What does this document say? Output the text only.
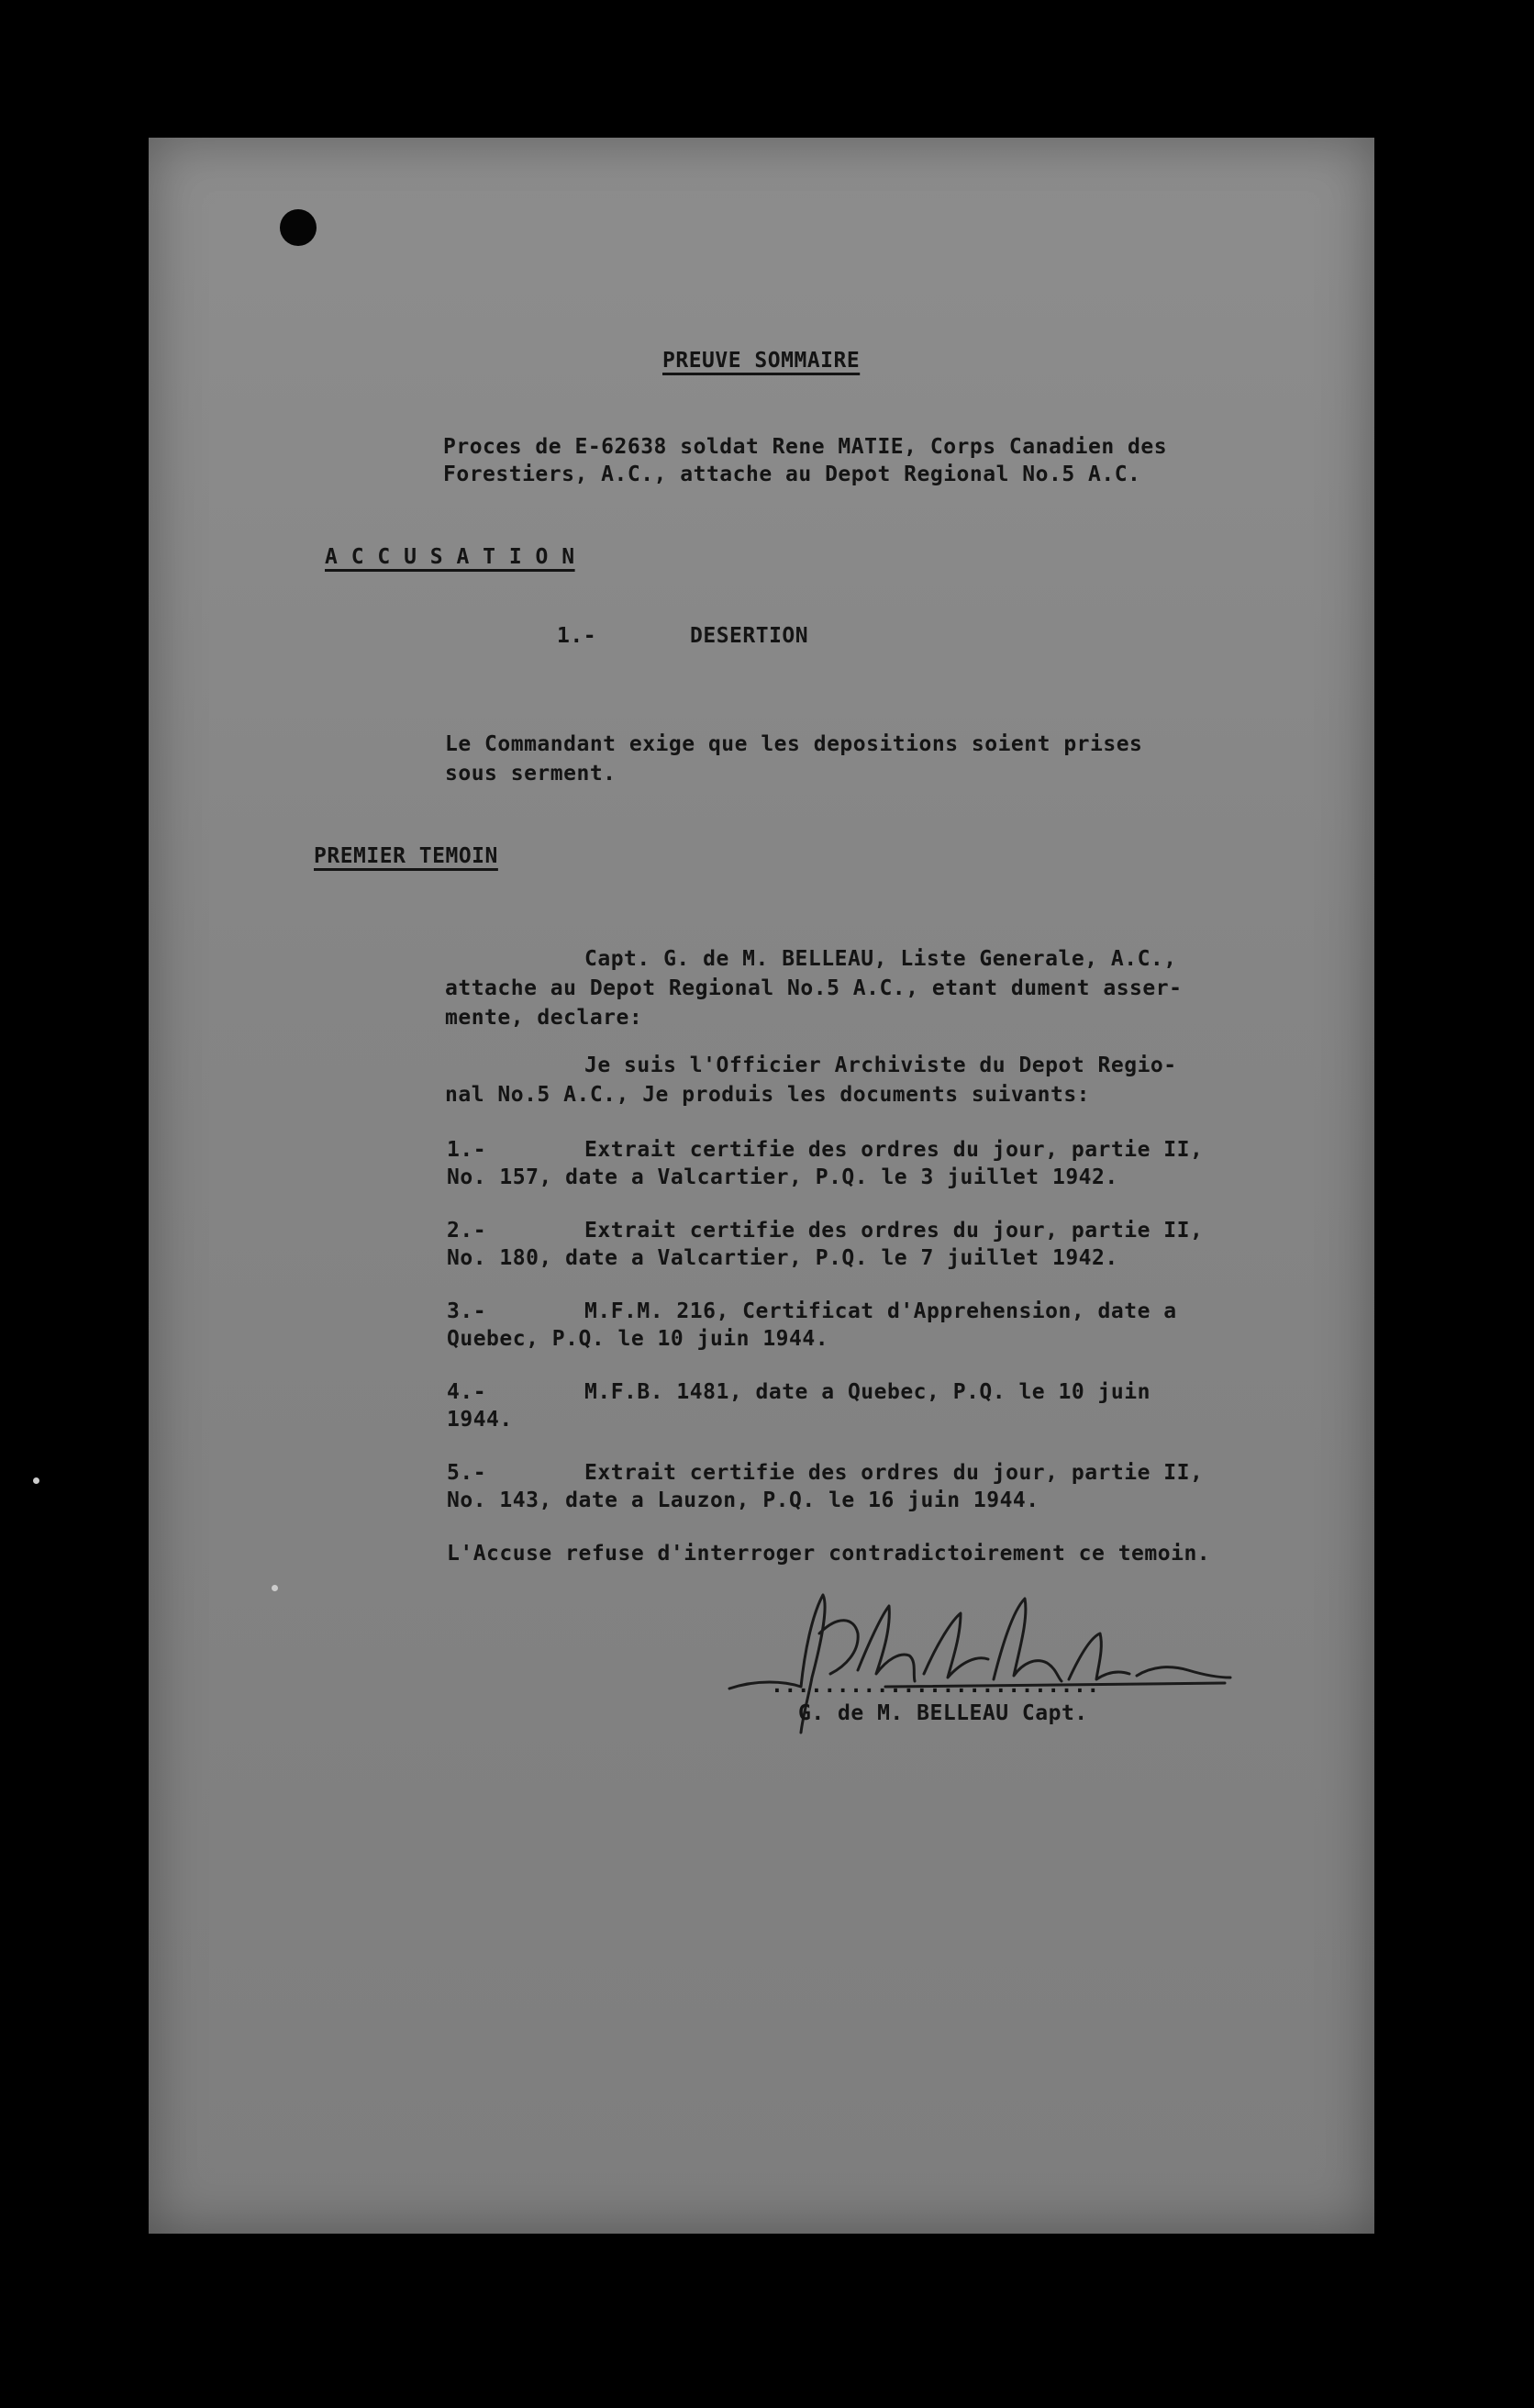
PREUVE SOMMAIRE
Proces de E-62638 soldat Rene MATIE, Corps Canadien des
Forestiers, A.C., attache au Depot Regional No.5 A.C.
A C C U S A T I O N
1.-	DESERTION
Le Commandant exige que les depositions soient prises
sous serment.
PREMIER TEMOIN
Capt. G. de M. BELLEAU, Liste Generale, A.C.,
attache au Depot Regional No.5 A.C., etant dument asser-
mente, declare:
Je suis l'Officier Archiviste du Depot Regio-
nal No.5 A.C., Je produis les documents suivants:
1.-	Extrait certifie des ordres du jour, partie II,
No. 157, date a Valcartier, P.Q. le 3 juillet 1942.
2.-	Extrait certifie des ordres du jour, partie II,
No. 180, date a Valcartier, P.Q. le 7 juillet 1942.
3.-	M.F.M. 216, Certificat d'Apprehension, date a
Quebec, P.Q. le 10 juin 1944.
4.-	M.F.B. 1481, date a Quebec, P.Q. le 10 juin
1944.
5.-	Extrait certifie des ordres du jour, partie II,
No. 143, date a Lauzon, P.Q. le 16 juin 1944.
L'Accuse refuse d'interroger contradictoirement ce temoin.
.........................
G. de M. BELLEAU Capt.
